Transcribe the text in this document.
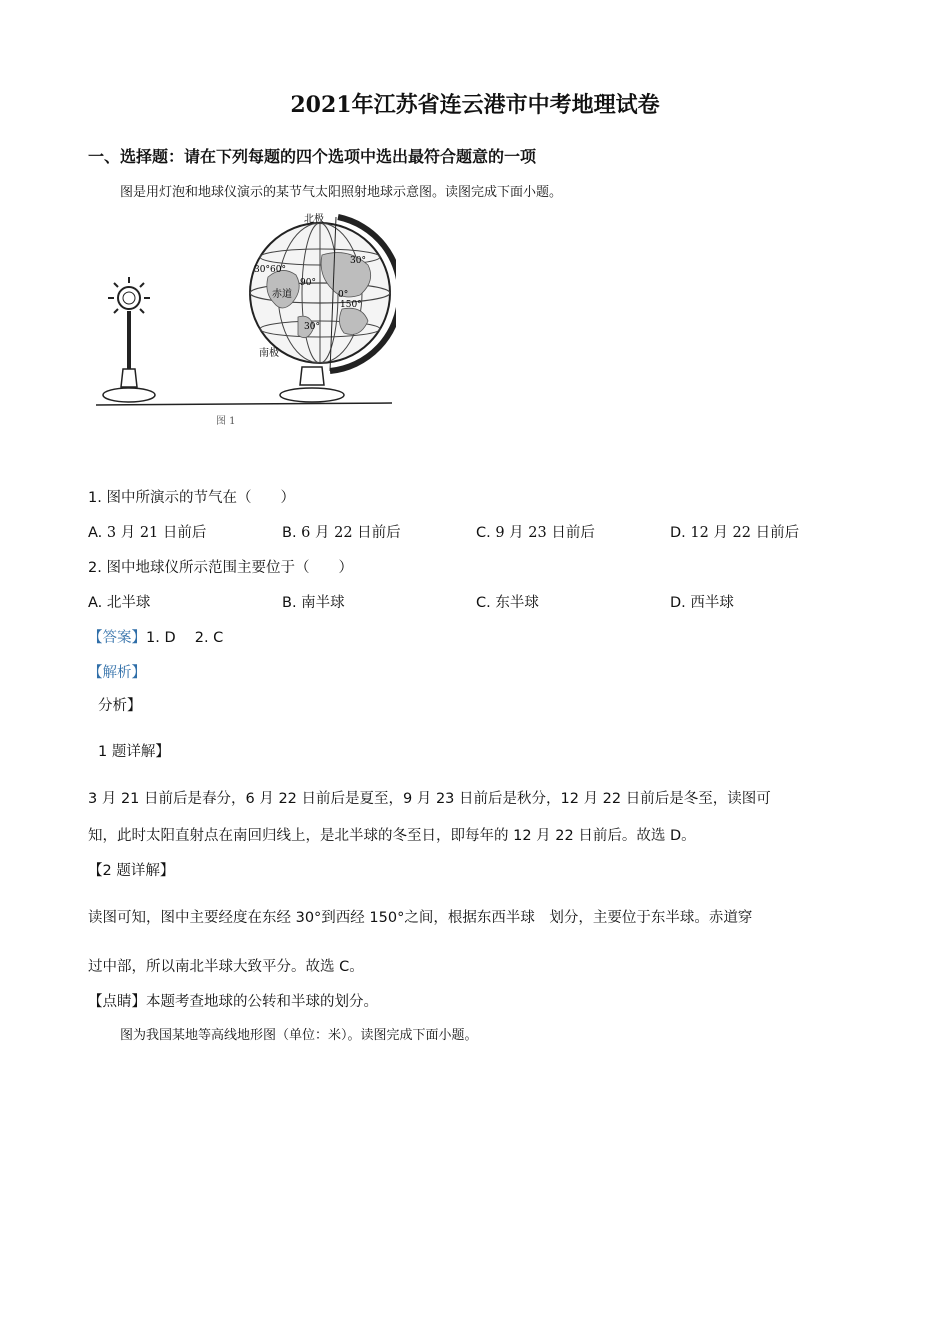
2021年江苏省连云港市中考地理试卷
一、选择题：请在下列每题的四个选项中选出最符合题意的一项
图是用灯泡和地球仪演示的某节气太阳照射地球示意图。读图完成下面小题。
北极
南极
赤道
30°
30° 60°
90°
150°
0°
30°
图 1
1. 图中所演示的节气在（　　）
A. 3 月 21 日前后	B. 6 月 22 日前后	C. 9 月 23 日前后	D. 12 月 22 日前后
2. 图中地球仪所示范围主要位于（　　）
A. 北半球	B. 南半球	C. 东半球	D. 西半球
【答案】1. D　 2. C
【解析】
分析】
1 题详解】
3 月 21 日前后是春分，6 月 22 日前后是夏至，9 月 23 日前后是秋分，12 月 22 日前后是冬至，读图可
知，此时太阳直射点在南回归线上，是北半球的冬至日，即每年的 12 月 22 日前后。故选 D。
【2 题详解】
读图可知，图中主要经度在东经 30°到西经 150°之间，根据东西半球　划分，主要位于东半球。赤道穿
过中部，所以南北半球大致平分。故选 C。
【点睛】本题考查地球的公转和半球的划分。
图为我国某地等高线地形图（单位：米）。读图完成下面小题。
